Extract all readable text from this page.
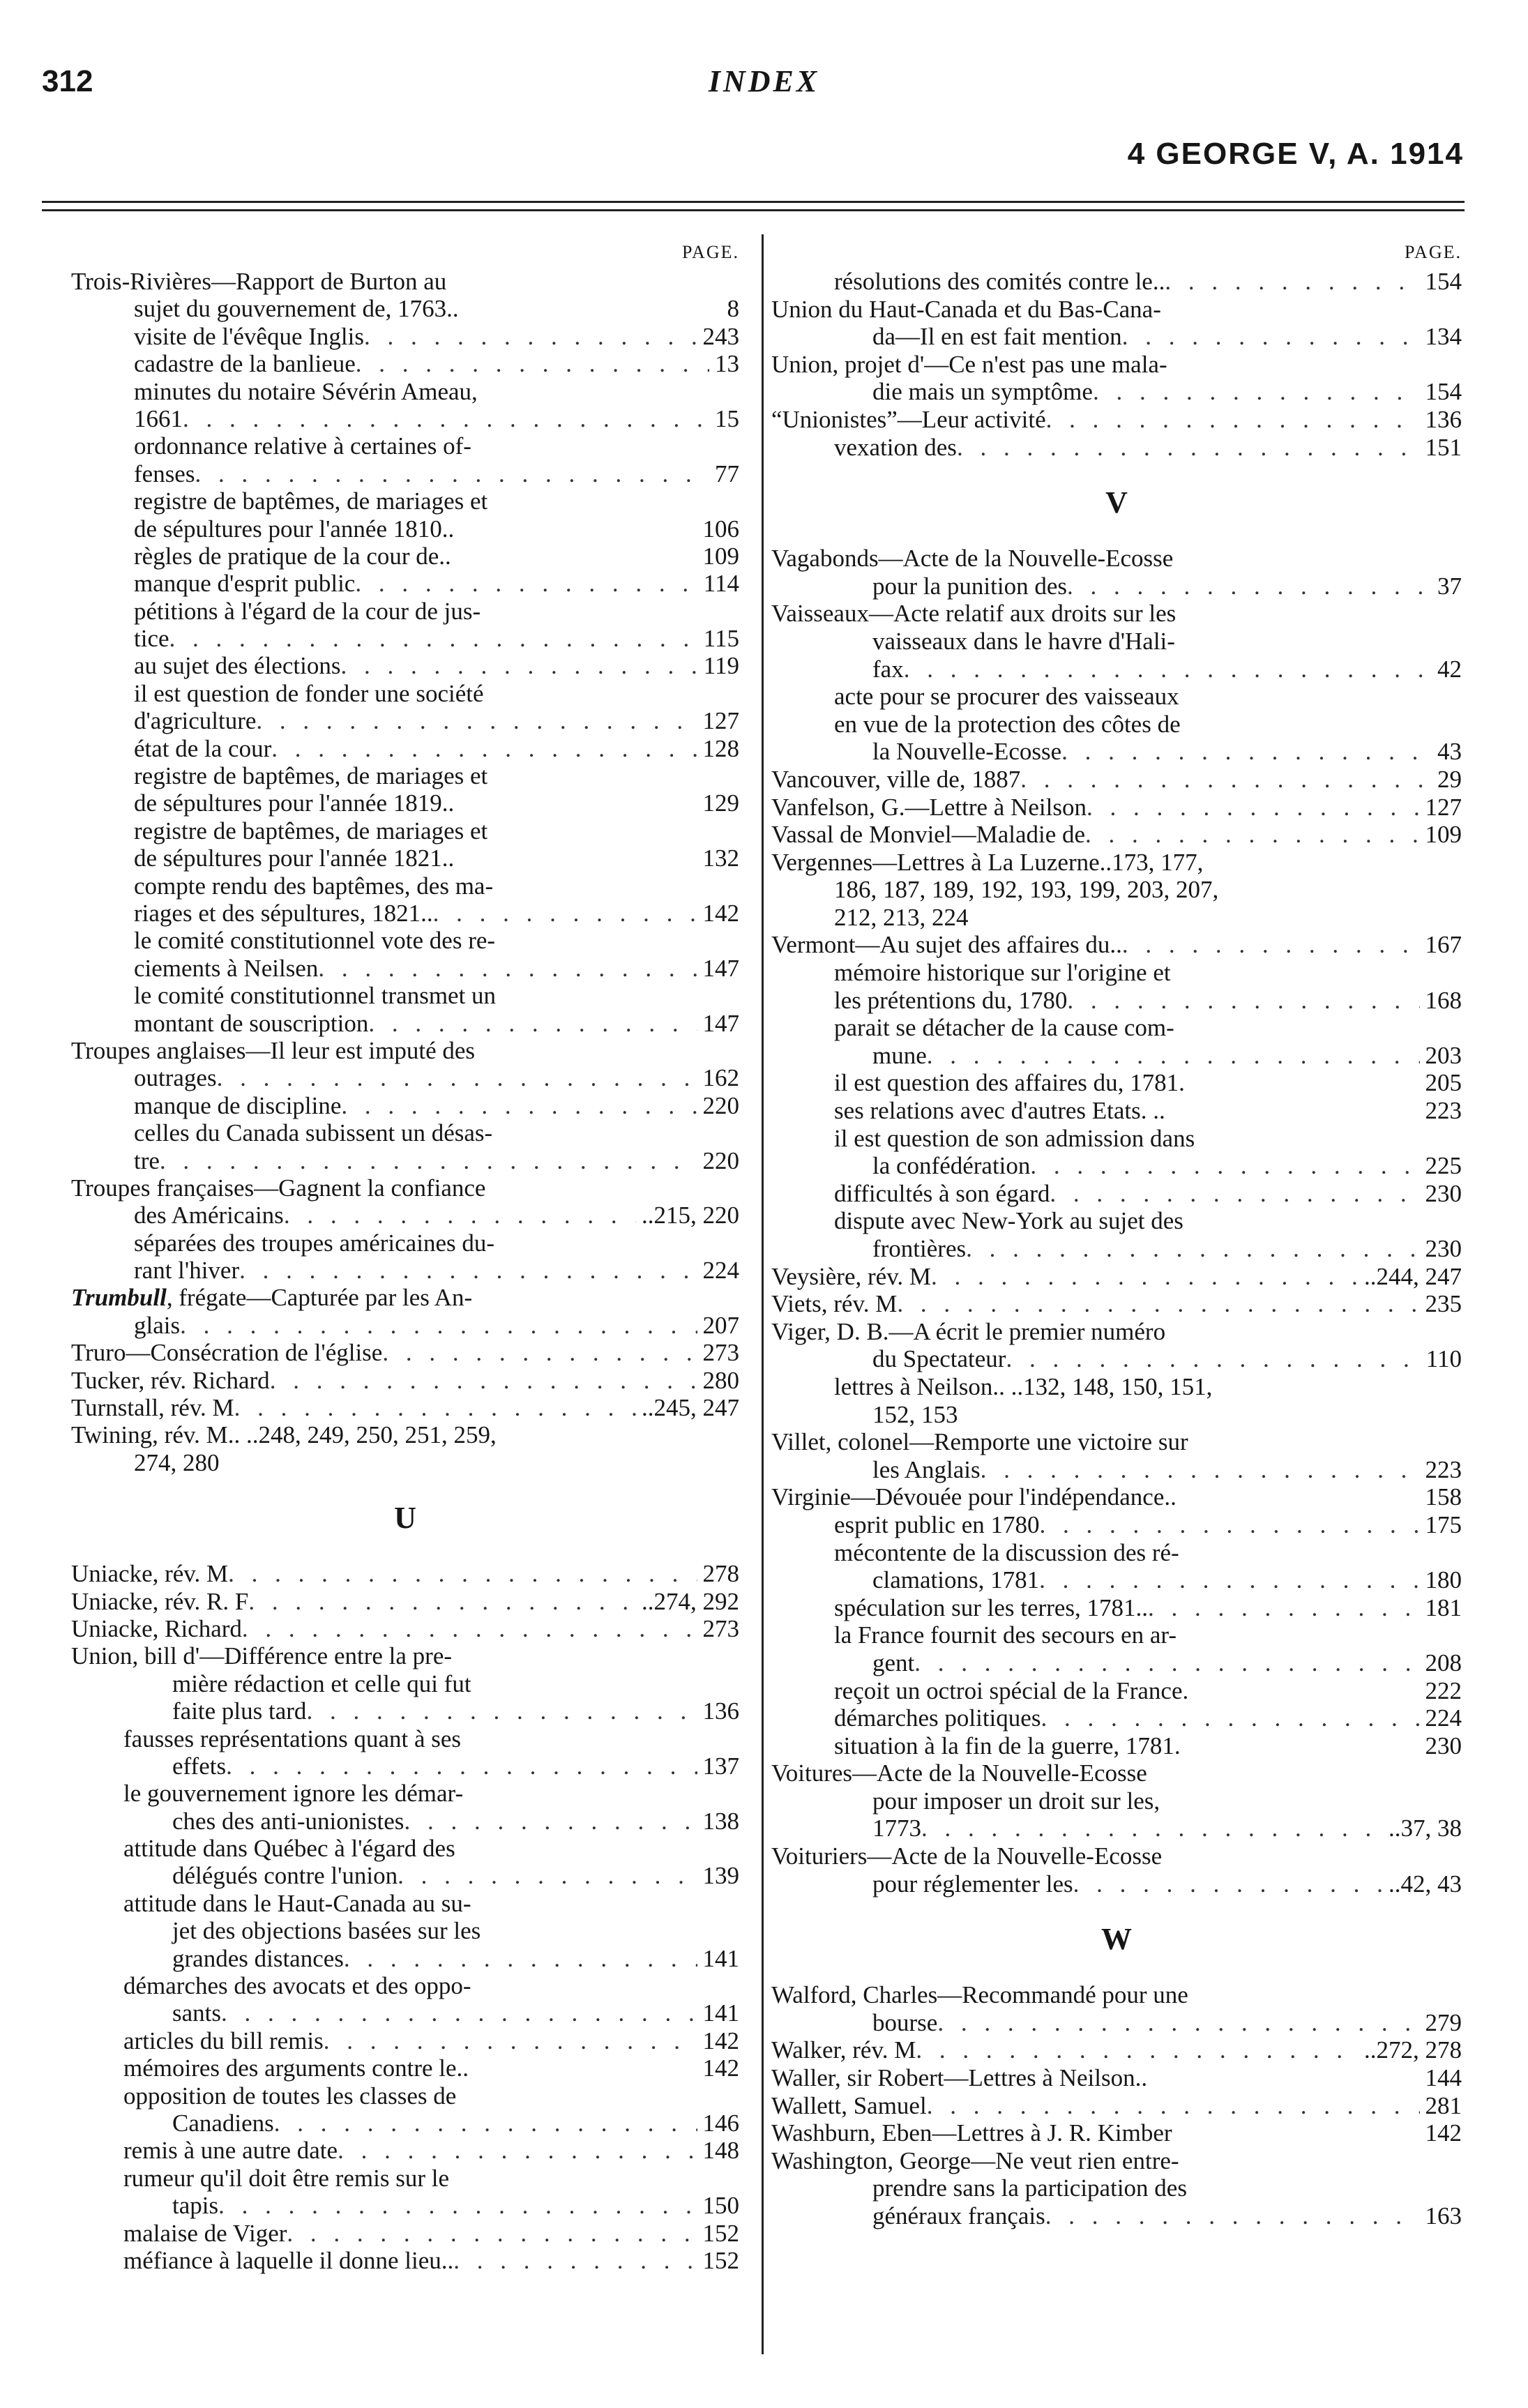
312	INDEX
4 GEORGE V, A. 1914
PAGE.
Trois-Rivières—Rapport de Burton au
sujet du gouvernement de, 1763..	8
visite de l'évêque Inglis . . .	243
cadastre de la banlieue . . .	13
minutes du notaire Sévérin Ameau,
1661 . . .	15
ordonnance relative à certaines of-
fenses . . .	77
registre de baptêmes, de mariages et
de sépultures pour l'année 1810..	106
règles de pratique de la cour de..	109
manque d'esprit public . . .	114
pétitions à l'égard de la cour de jus-
tice . . .	115
au sujet des élections . . .	119
il est question de fonder une société
d'agriculture . . .	127
état de la cour . . .	128
registre de baptêmes, de mariages et
de sépultures pour l'année 1819..	129
registre de baptêmes, de mariages et
de sépultures pour l'année 1821..	132
compte rendu des baptêmes, des ma-
riages et des sépultures, 1821.. . . .	142
le comité constitutionnel vote des re-
ciements à Neilsen . . .	147
le comité constitutionnel transmet un
montant de souscription . . .	147
Troupes anglaises—Il leur est imputé des
outrages . . .	162
manque de discipline . . .	220
celles du Canada subissent un désas-
tre . . .	220
Troupes françaises—Gagnent la confiance
des Américains . . .	..215, 220
séparées des troupes américaines du-
rant l'hiver . . .	224
Trumbull, frégate—Capturée par les An-
glais . . .	207
Truro—Consécration de l'église . . .	273
Tucker, rév. Richard . . .	280
Turnstall, rév. M . . .	..245, 247
Twining, rév. M.. ..248, 249, 250, 251, 259,
274, 280
U
Uniacke, rév. M . . .	278
Uniacke, rév. R. F . . .	..274, 292
Uniacke, Richard . . .	273
Union, bill d'—Différence entre la pre-
mière rédaction et celle qui fut
faite plus tard . . .	136
fausses représentations quant à ses
effets . . .	137
le gouvernement ignore les démar-
ches des anti-unionistes . . .	138
attitude dans Québec à l'égard des
délégués contre l'union . . .	139
attitude dans le Haut-Canada au su-
jet des objections basées sur les
grandes distances . . .	141
démarches des avocats et des oppo-
sants . . .	141
articles du bill remis . . .	142
mémoires des arguments contre le..	142
opposition de toutes les classes de
Canadiens . . .	146
remis à une autre date . . .	148
rumeur qu'il doit être remis sur le
tapis . . .	150
malaise de Viger . . .	152
méfiance à laquelle il donne lieu.. . . .	152
PAGE.
résolutions des comités contre le.. . . .	154
Union du Haut-Canada et du Bas-Cana-
da—Il en est fait mention . . .	134
Union, projet d'—Ce n'est pas une mala-
die mais un symptôme . . .	154
“Unionistes”—Leur activité . . .	136
vexation des . . .	151
V
Vagabonds—Acte de la Nouvelle-Ecosse
pour la punition des . . .	37
Vaisseaux—Acte relatif aux droits sur les
vaisseaux dans le havre d'Hali-
fax . . .	42
acte pour se procurer des vaisseaux
en vue de la protection des côtes de
la Nouvelle-Ecosse . . .	43
Vancouver, ville de, 1887 . . .	29
Vanfelson, G.—Lettre à Neilson . . .	127
Vassal de Monviel—Maladie de . . .	109
Vergennes—Lettres à La Luzerne..173, 177,
186, 187, 189, 192, 193, 199, 203, 207,
212, 213, 224
Vermont—Au sujet des affaires du.. . . .	167
mémoire historique sur l'origine et
les prétentions du, 1780 . . .	168
parait se détacher de la cause com-
mune . . .	203
il est question des affaires du, 1781.	205
ses relations avec d'autres Etats. ..	223
il est question de son admission dans
la confédération . . .	225
difficultés à son égard . . .	230
dispute avec New-York au sujet des
frontières . . .	230
Veysière, rév. M . . .	..244, 247
Viets, rév. M . . .	235
Viger, D. B.—A écrit le premier numéro
du Spectateur . . .	110
lettres à Neilson.. ..132, 148, 150, 151,
152, 153
Villet, colonel—Remporte une victoire sur
les Anglais . . .	223
Virginie—Dévouée pour l'indépendance..	158
esprit public en 1780 . . .	175
mécontente de la discussion des ré-
clamations, 1781 . . .	180
spéculation sur les terres, 1781.. . . .	181
la France fournit des secours en ar-
gent . . .	208
reçoit un octroi spécial de la France.	222
démarches politiques . . .	224
situation à la fin de la guerre, 1781.	230
Voitures—Acte de la Nouvelle-Ecosse
pour imposer un droit sur les,
1773 . . .	..37, 38
Voituriers—Acte de la Nouvelle-Ecosse
pour réglementer les . . .	..42, 43
W
Walford, Charles—Recommandé pour une
bourse . . .	279
Walker, rév. M . . .	..272, 278
Waller, sir Robert—Lettres à Neilson..	144
Wallett, Samuel . . .	281
Washburn, Eben—Lettres à J. R. Kimber	142
Washington, George—Ne veut rien entre-
prendre sans la participation des
généraux français . . .	163
